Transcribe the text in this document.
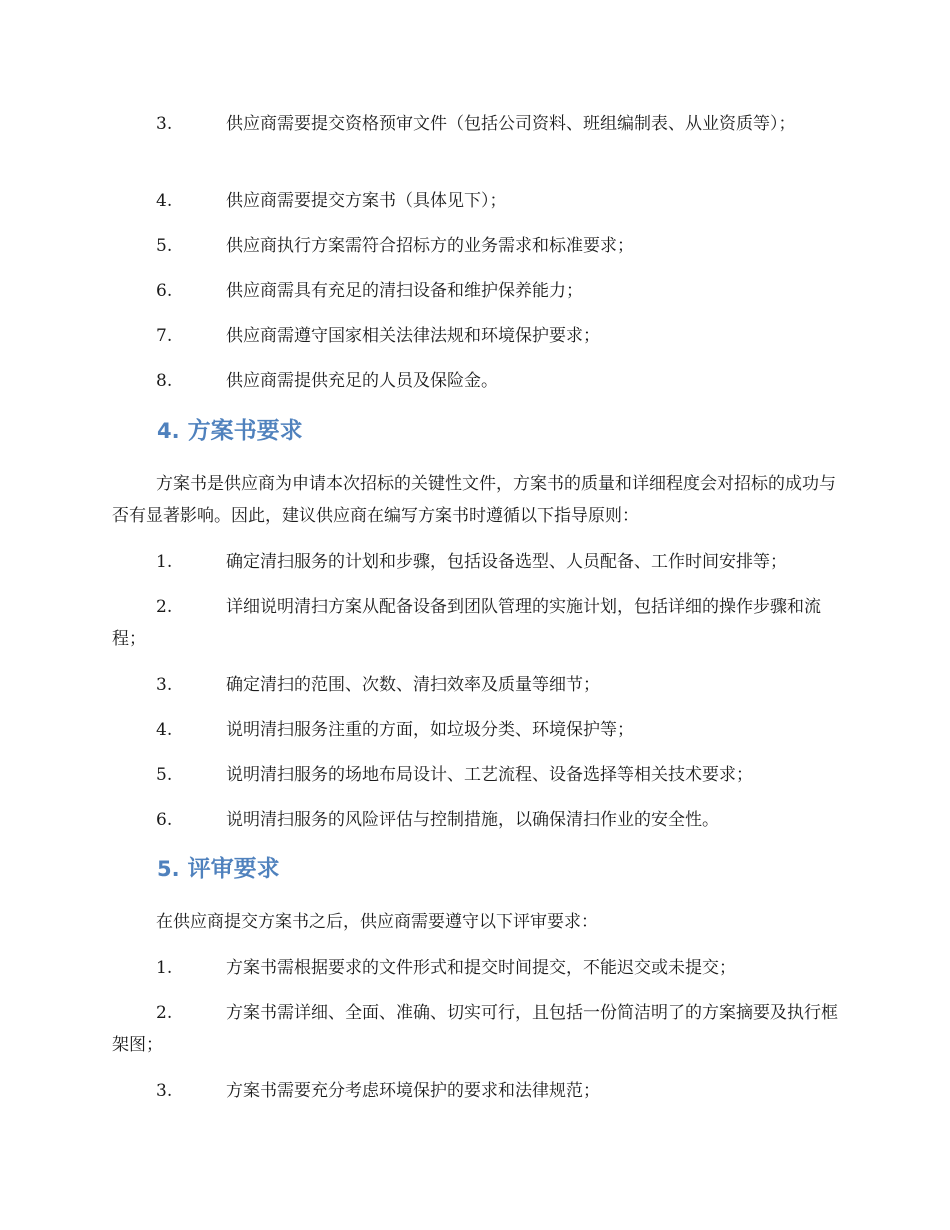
3.	供应商需要提交资格预审文件（包括公司资料、班组编制表、从业资质等）；
4.	供应商需要提交方案书（具体见下）；
5.	供应商执行方案需符合招标方的业务需求和标准要求；
6.	供应商需具有充足的清扫设备和维护保养能力；
7.	供应商需遵守国家相关法律法规和环境保护要求；
8.	供应商需提供充足的人员及保险金。
4. 方案书要求
方案书是供应商为申请本次招标的关键性文件，方案书的质量和详细程度会对招标的成功与否有显著影响。因此，建议供应商在编写方案书时遵循以下指导原则：
1.	确定清扫服务的计划和步骤，包括设备选型、人员配备、工作时间安排等；
2.	详细说明清扫方案从配备设备到团队管理的实施计划，包括详细的操作步骤和流程；
3.	确定清扫的范围、次数、清扫效率及质量等细节；
4.	说明清扫服务注重的方面，如垃圾分类、环境保护等；
5.	说明清扫服务的场地布局设计、工艺流程、设备选择等相关技术要求；
6.	说明清扫服务的风险评估与控制措施，以确保清扫作业的安全性。
5. 评审要求
在供应商提交方案书之后，供应商需要遵守以下评审要求：
1.	方案书需根据要求的文件形式和提交时间提交，不能迟交或未提交；
2.	方案书需详细、全面、准确、切实可行，且包括一份简洁明了的方案摘要及执行框架图；
3.	方案书需要充分考虑环境保护的要求和法律规范；
